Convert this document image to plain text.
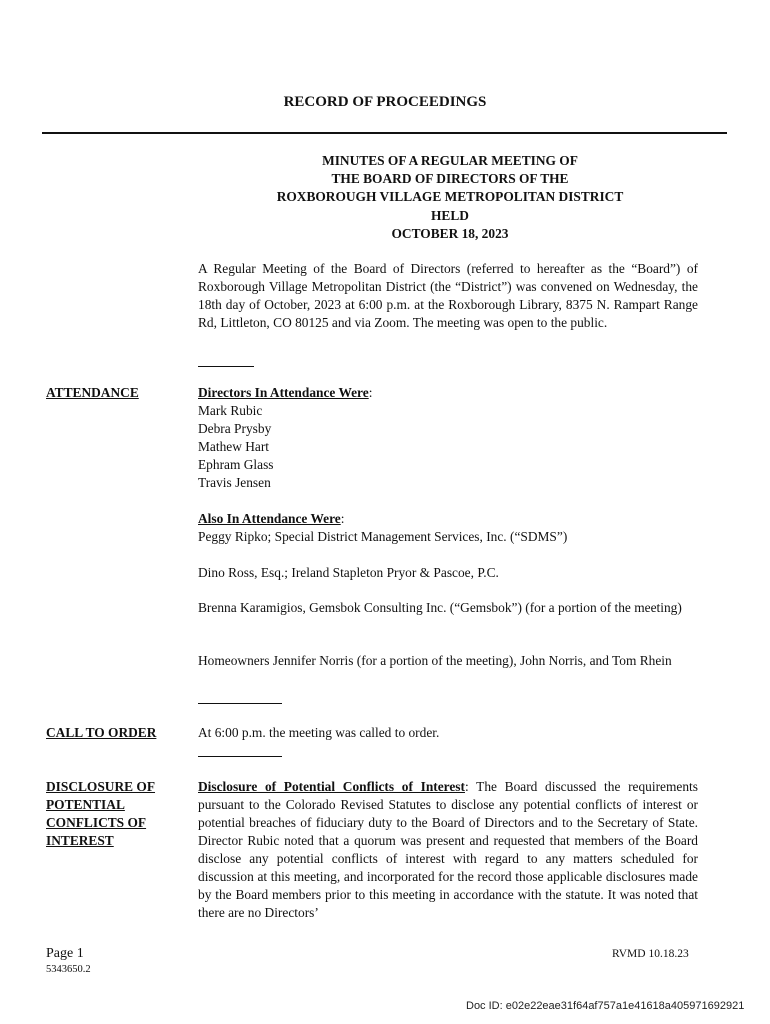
RECORD OF PROCEEDINGS
MINUTES OF A REGULAR MEETING OF
THE BOARD OF DIRECTORS OF THE
ROXBOROUGH VILLAGE METROPOLITAN DISTRICT
HELD
OCTOBER 18, 2023
A Regular Meeting of the Board of Directors (referred to hereafter as the “Board”) of Roxborough Village Metropolitan District (the “District”) was convened on Wednesday, the 18th day of October, 2023 at 6:00 p.m. at the Roxborough Library, 8375 N. Rampart Range Rd, Littleton, CO 80125 and via Zoom. The meeting was open to the public.
ATTENDANCE	Directors In Attendance Were:
Mark Rubic
Debra Prysby
Mathew Hart
Ephram Glass
Travis Jensen
Also In Attendance Were:
Peggy Ripko; Special District Management Services, Inc. (“SDMS”)
Dino Ross, Esq.; Ireland Stapleton Pryor & Pascoe, P.C.
Brenna Karamigios, Gemsbok Consulting Inc. (“Gemsbok”) (for a portion of the meeting)
Homeowners Jennifer Norris (for a portion of the meeting), John Norris, and Tom Rhein
CALL TO ORDER	At 6:00 p.m. the meeting was called to order.
DISCLOSURE OF
POTENTIAL
CONFLICTS OF
INTEREST
Disclosure of Potential Conflicts of Interest: The Board discussed the requirements pursuant to the Colorado Revised Statutes to disclose any potential conflicts of interest or potential breaches of fiduciary duty to the Board of Directors and to the Secretary of State. Director Rubic noted that a quorum was present and requested that members of the Board disclose any potential conflicts of interest with regard to any matters scheduled for discussion at this meeting, and incorporated for the record those applicable disclosures made by the Board members prior to this meeting in accordance with the statute. It was noted that there are no Directors’
Page 1
5343650.2
RVMD 10.18.23
Doc ID: e02e22eae31f64af757a1e41618a405971692921
